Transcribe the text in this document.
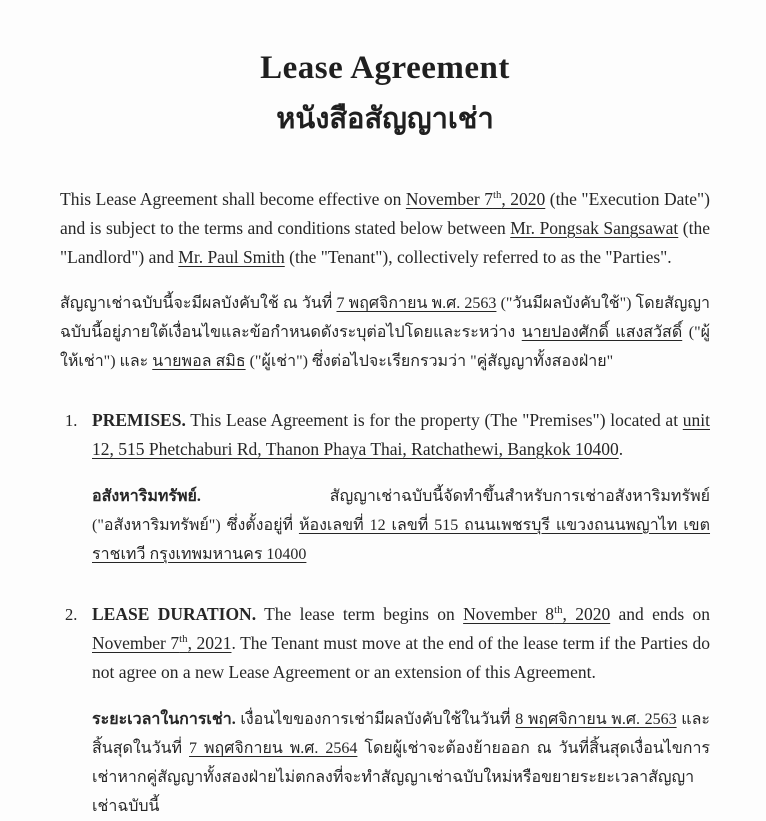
Lease Agreement
หนังสือสัญญาเช่า

This Lease Agreement shall become effective on November 7th, 2020 (the "Execution Date") and is subject to the terms and conditions stated below between Mr. Pongsak Sangsawat (the "Landlord") and Mr. Paul Smith (the "Tenant"), collectively referred to as the "Parties".

สัญญาเช่าฉบับนี้จะมีผลบังคับใช้ ณ วันที่ 7 พฤศจิกายน พ.ศ. 2563 ("วันมีผลบังคับใช้") โดยสัญญาฉบับนี้อยู่ภายใต้เงื่อนไขและข้อกำหนดดังระบุต่อไปโดยและระหว่าง นายปองศักดิ์ แสงสวัสดิ์ ("ผู้ให้เช่า") และ นายพอล สมิธ ("ผู้เช่า") ซึ่งต่อไปจะเรียกรวมว่า "คู่สัญญาทั้งสองฝ่าย"

1. PREMISES. This Lease Agreement is for the property (The "Premises") located at unit 12, 515 Phetchaburi Rd, Thanon Phaya Thai, Ratchathewi, Bangkok 10400.

อสังหาริมทรัพย์. สัญญาเช่าฉบับนี้จัดทำขึ้นสำหรับการเช่าอสังหาริมทรัพย์ ("อสังหาริมทรัพย์") ซึ่งตั้งอยู่ที่ ห้องเลขที่ 12 เลขที่ 515 ถนนเพชรบุรี แขวงถนนพญาไท เขตราชเทวี กรุงเทพมหานคร 10400

2. LEASE DURATION. The lease term begins on November 8th, 2020 and ends on November 7th, 2021. The Tenant must move at the end of the lease term if the Parties do not agree on a new Lease Agreement or an extension of this Agreement.

ระยะเวลาในการเช่า. เงื่อนไขของการเช่ามีผลบังคับใช้ในวันที่ 8 พฤศจิกายน พ.ศ. 2563 และสิ้นสุดในวันที่ 7 พฤศจิกายน พ.ศ. 2564 โดยผู้เช่าจะต้องย้ายออก ณ วันที่สิ้นสุดเงื่อนไขการเช่าหากคู่สัญญาทั้งสองฝ่ายไม่ตกลงที่จะทำสัญญาเช่าฉบับใหม่หรือขยายระยะเวลาสัญญาเช่าฉบับนี้
